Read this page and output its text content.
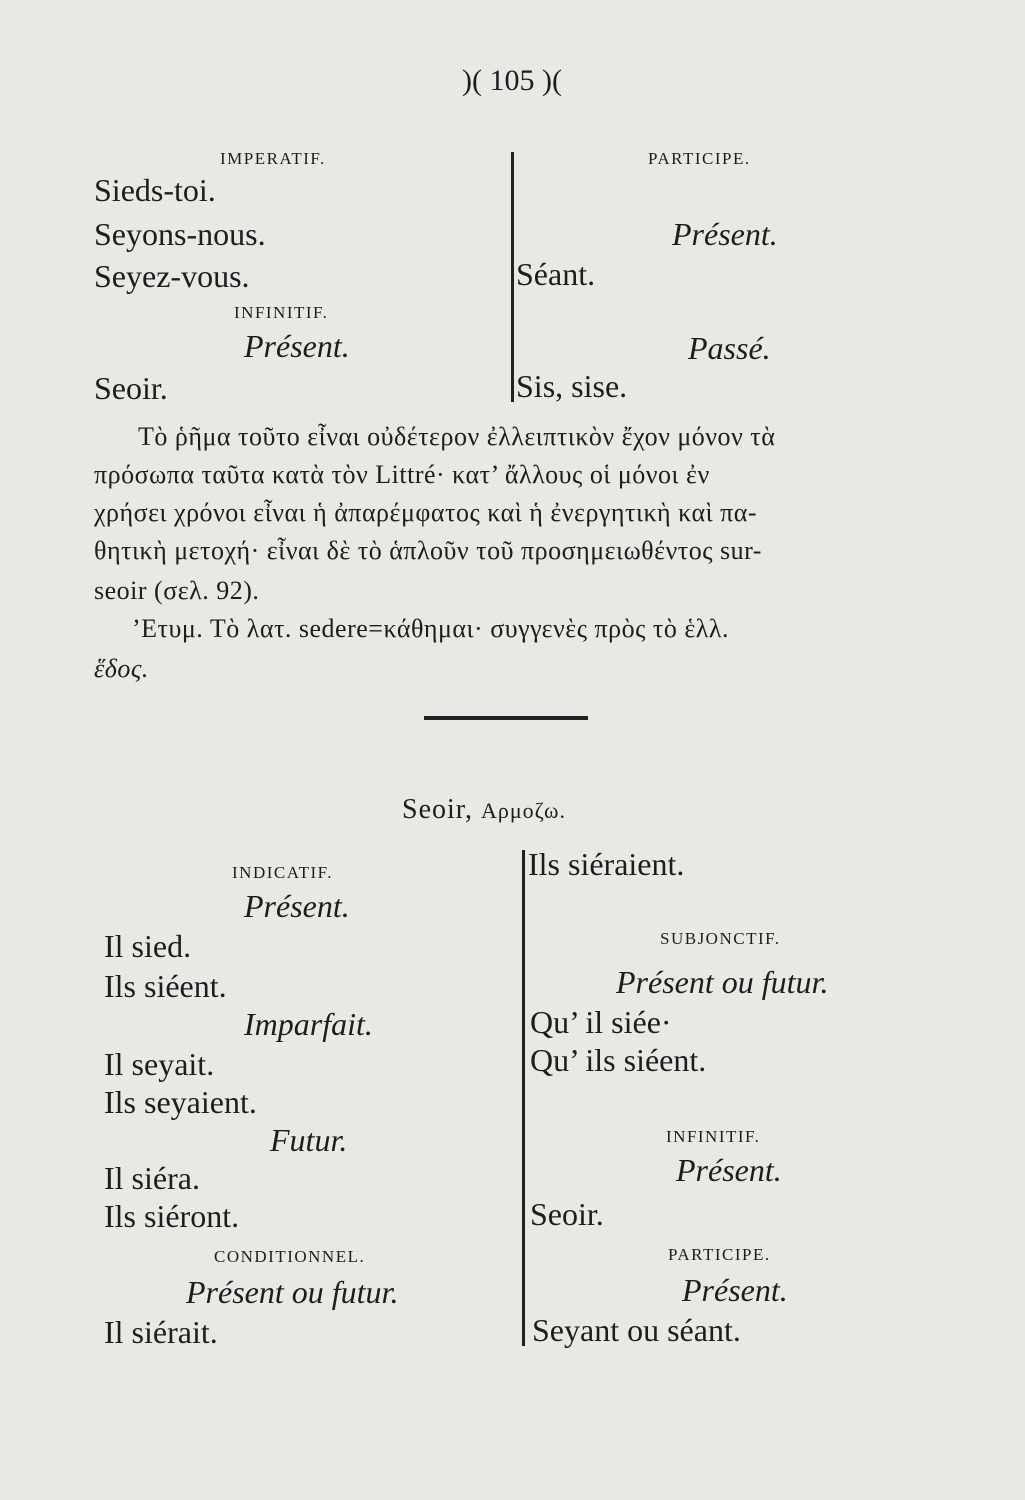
)( 105 )(
IMPERATIF.
Sieds-toi.
Seyons-nous.
Seyez-vous.
INFINITIF.
Présent.
Seoir.
PARTICIPE.
Présent.
Séant.
Passé.
Sis, sise.
Τὸ ῥῆμα τοῦτο εἶναι οὐδέτερον ἐλλειπτικὸν ἔχον μόνον τὰ
πρόσωπα ταῦτα κατὰ τὸν Littré· κατ’ ἄλλους οἱ μόνοι ἐν
χρήσει χρόνοι εἶναι ἡ ἀπαρέμφατος καὶ ἡ ἐνεργητικὴ καὶ πα-
θητικὴ μετοχή· εἶναι δὲ τὸ ἁπλοῦν τοῦ προσημειωθέντος sur-
seoir (σελ. 92).
’Ετυμ. Τὸ λατ. sedere=κάθημαι· συγγενὲς πρὸς τὸ ἑλλ.
ἕδος.
Seoir, Αρμοζω.
INDICATIF.
Présent.
Il sied.
Ils siéent.
Imparfait.
Il seyait.
Ils seyaient.
Futur.
Il siéra.
Ils siéront.
CONDITIONNEL.
Présent ou futur.
Il siérait.
Ils siéraient.
SUBJONCTIF.
Présent ou futur.
Qu’ il siée·
Qu’ ils siéent.
INFINITIF.
Présent.
Seoir.
PARTICIPE.
Présent.
Seyant ou séant.
